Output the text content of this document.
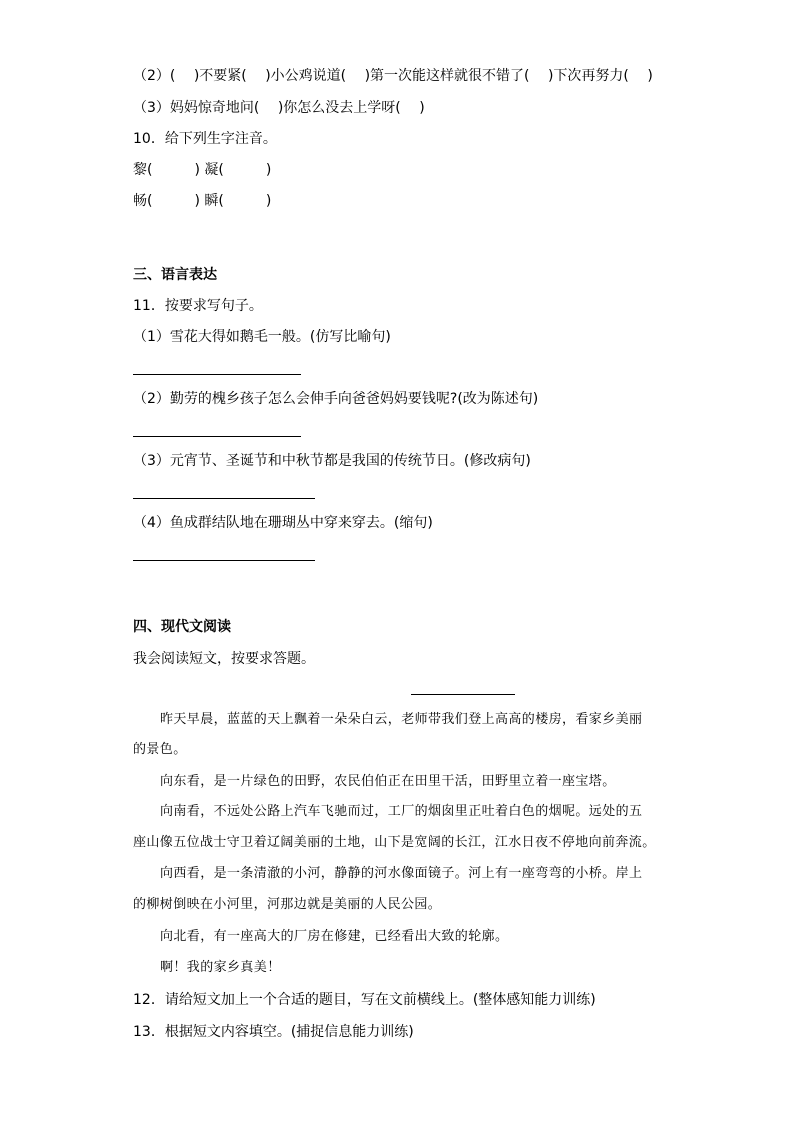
（2）(　 )不要紧(　 )小公鸡说道(　 )第一次能这样就很不错了(　 )下次再努力(　 )
（3）妈妈惊奇地问(　 )你怎么没去上学呀(　 )
10．给下列生字注音。
黎(　　　) 凝(　　　)
畅(　　　) 瞬(　　　)
三、语言表达
11．按要求写句子。
（1）雪花大得如鹅毛一般。(仿写比喻句)
（2）勤劳的槐乡孩子怎么会伸手向爸爸妈妈要钱呢?(改为陈述句)
（3）元宵节、圣诞节和中秋节都是我国的传统节日。(修改病句)
（4）鱼成群结队地在珊瑚丛中穿来穿去。(缩句)
四、现代文阅读
我会阅读短文，按要求答题。
昨天早晨，蓝蓝的天上飘着一朵朵白云，老师带我们登上高高的楼房，看家乡美丽
的景色。
向东看，是一片绿色的田野，农民伯伯正在田里干活，田野里立着一座宝塔。
向南看，不远处公路上汽车飞驰而过，工厂的烟囱里正吐着白色的烟呢。远处的五
座山像五位战士守卫着辽阔美丽的土地，山下是宽阔的长江，江水日夜不停地向前奔流。
向西看，是一条清澈的小河，静静的河水像面镜子。河上有一座弯弯的小桥。岸上
的柳树倒映在小河里，河那边就是美丽的人民公园。
向北看，有一座高大的厂房在修建，已经看出大致的轮廓。
啊！我的家乡真美！
12．请给短文加上一个合适的题目，写在文前横线上。(整体感知能力训练)
13．根据短文内容填空。(捕捉信息能力训练)
